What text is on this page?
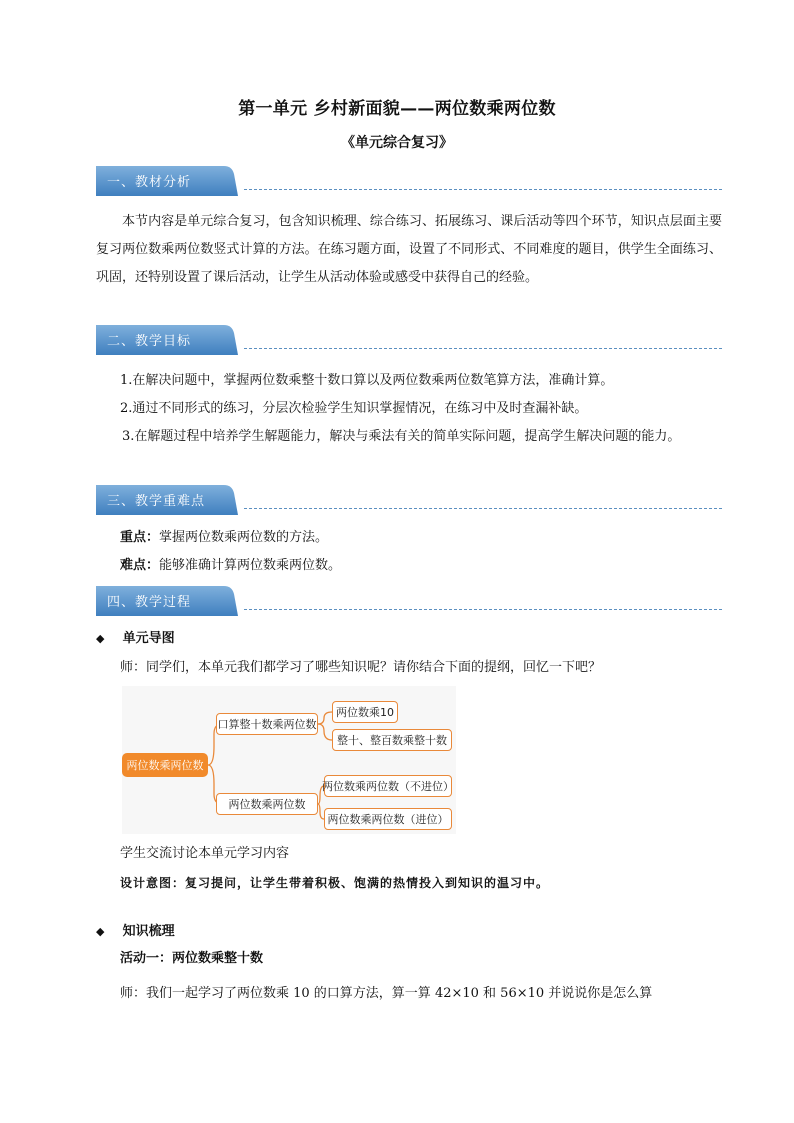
第一单元 乡村新面貌——两位数乘两位数
《单元综合复习》
一、教材分析
本节内容是单元综合复习，包含知识梳理、综合练习、拓展练习、课后活动等四个环节，知识点层面主要复习两位数乘两位数竖式计算的方法。在练习题方面，设置了不同形式、不同难度的题目，供学生全面练习、巩固，还特别设置了课后活动，让学生从活动体验或感受中获得自己的经验。
二、教学目标
1.在解决问题中，掌握两位数乘整十数口算以及两位数乘两位数笔算方法，准确计算。
2.通过不同形式的练习，分层次检验学生知识掌握情况，在练习中及时查漏补缺。
3.在解题过程中培养学生解题能力，解决与乘法有关的简单实际问题，提高学生解决问题的能力。
三、教学重难点
重点：掌握两位数乘两位数的方法。
难点：能够准确计算两位数乘两位数。
四、教学过程
◆ 单元导图
师：同学们，本单元我们都学习了哪些知识呢？请你结合下面的提纲，回忆一下吧？
两位数乘两位数
口算整十数乘两位数
两位数乘10
整十、整百数乘整十数
两位数乘两位数
两位数乘两位数（不进位）
两位数乘两位数（进位）
学生交流讨论本单元学习内容
设计意图：复习提问，让学生带着积极、饱满的热情投入到知识的温习中。
◆ 知识梳理
活动一：两位数乘整十数
师：我们一起学习了两位数乘 10 的口算方法，算一算 42×10 和 56×10 并说说你是怎么算
